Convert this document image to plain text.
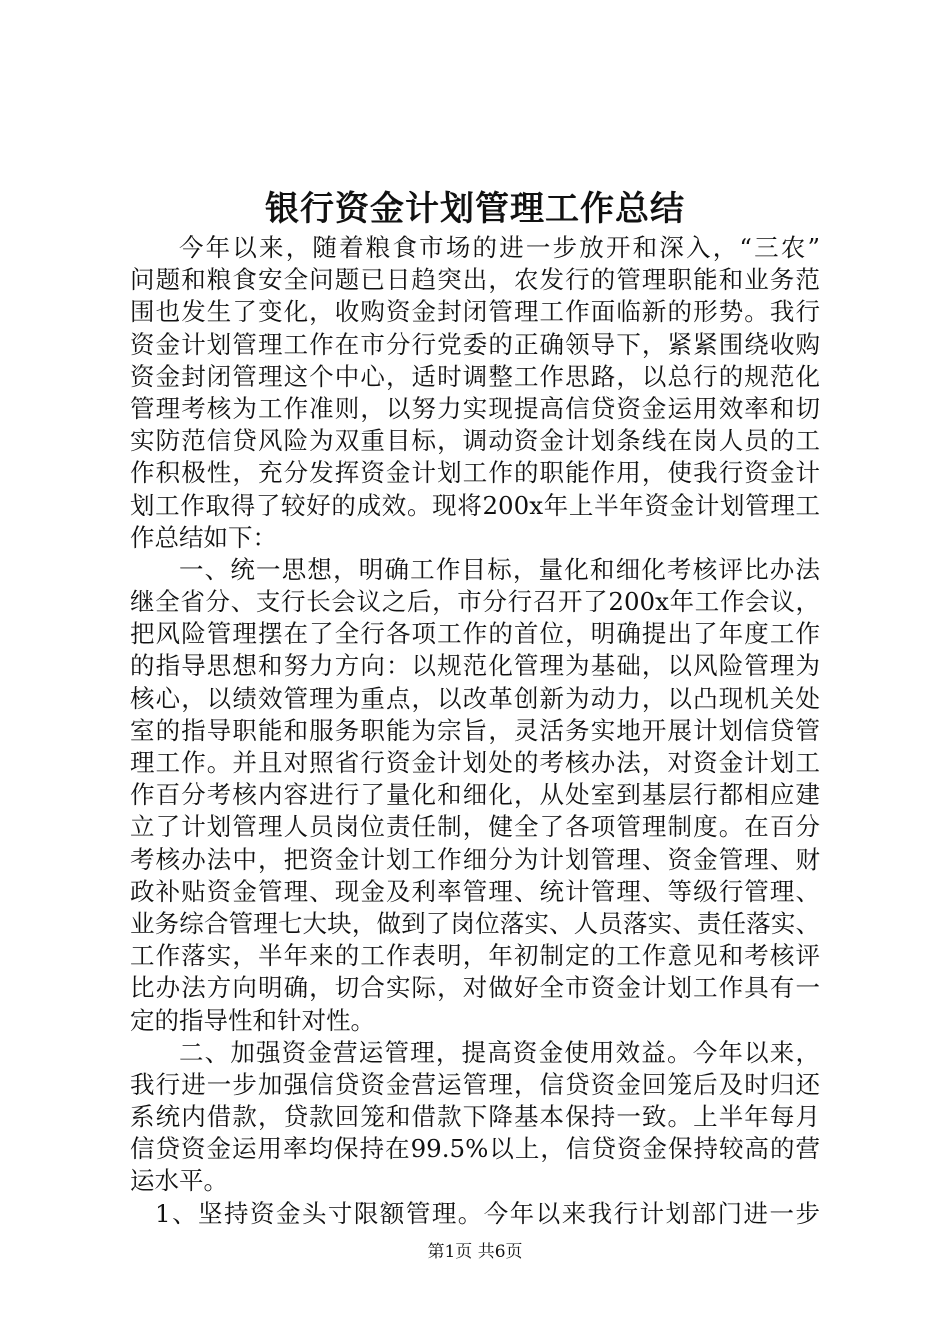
银行资金计划管理工作总结
今年以来，随着粮食市场的进一步放开和深入，“三农”
问题和粮食安全问题已日趋突出，农发行的管理职能和业务范
围也发生了变化，收购资金封闭管理工作面临新的形势。我行
资金计划管理工作在市分行党委的正确领导下，紧紧围绕收购
资金封闭管理这个中心，适时调整工作思路，以总行的规范化
管理考核为工作准则，以努力实现提高信贷资金运用效率和切
实防范信贷风险为双重目标，调动资金计划条线在岗人员的工
作积极性，充分发挥资金计划工作的职能作用，使我行资金计
划工作取得了较好的成效。现将200x年上半年资金计划管理工
作总结如下：
一、统一思想，明确工作目标，量化和细化考核评比办法
继全省分、支行长会议之后，市分行召开了200x年工作会议，
把风险管理摆在了全行各项工作的首位，明确提出了年度工作
的指导思想和努力方向：以规范化管理为基础，以风险管理为
核心，以绩效管理为重点，以改革创新为动力，以凸现机关处
室的指导职能和服务职能为宗旨，灵活务实地开展计划信贷管
理工作。并且对照省行资金计划处的考核办法，对资金计划工
作百分考核内容进行了量化和细化，从处室到基层行都相应建
立了计划管理人员岗位责任制，健全了各项管理制度。在百分
考核办法中，把资金计划工作细分为计划管理、资金管理、财
政补贴资金管理、现金及利率管理、统计管理、等级行管理、
业务综合管理七大块，做到了岗位落实、人员落实、责任落实、
工作落实，半年来的工作表明，年初制定的工作意见和考核评
比办法方向明确，切合实际，对做好全市资金计划工作具有一
定的指导性和针对性。
二、加强资金营运管理，提高资金使用效益。今年以来，
我行进一步加强信贷资金营运管理，信贷资金回笼后及时归还
系统内借款，贷款回笼和借款下降基本保持一致。上半年每月
信贷资金运用率均保持在99.5%以上，信贷资金保持较高的营
运水平。
1、坚持资金头寸限额管理。今年以来我行计划部门进一步
第1页 共6页
